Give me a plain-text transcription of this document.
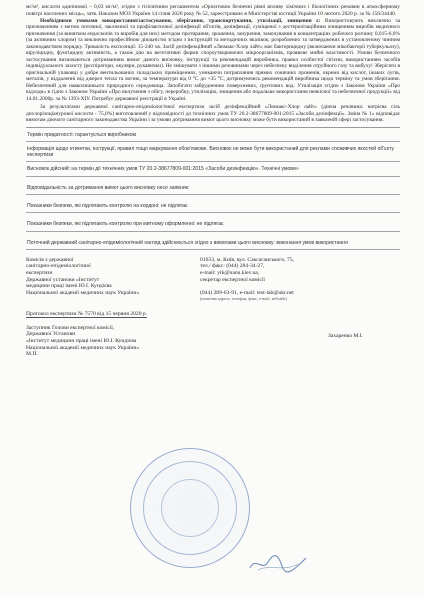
мг/м³, кислоти адипінової – 0,03 мг/м³, згідно з гігієнічним регламентом «Орієнтовно безпечні рівні впливу хімічних і біологічних речовин в атмосферному повітрі населених місць», затв. Наказом МОЗ України 14 січня 2020 року № 52, зареєстровано в Міністерстві юстиції України 10 лютого 2020 р. за № 156/34440.

Необхідними умовами використання/застосування, зберігання, транспортування, утилізації, знищення є: Використовують виключно за призначенням з метою поточної, заключної та профілактичної дезінфекції об'єктів, дезінфекції, суміщеної з дестерилізаційним очищенням виробів медичного призначення (за винятком ендоскопів та виробів для них) методом протирання, зрошення, занурення, замочування в концентраціях робочого розчину 0,015-6,0% (за активним хлором) та виключно професійною діяльністю згідно з інструкцій та методичних вказівок, розроблених та затверджених в установленому чинним законодавством порядку. Тривалість експозиції: 15-240 хв. Засіб дезінфекційний «Люмакс-Хлор лайт» має бактерицидну (включаючи мікобактерії туберкульозу), віруліцидну, фунгіцидну активність, а також дію на вегетативні форми спороутворюючих мікроорганізмів, проявляє мийні властивості. Умови безпечного застосування визначаються дотриманням вимог даного висновку, інструкції та рекомендацій виробника, правил особистої гігієни, використанням засобів індивідуального захисту (респіратори, окуляри, рукавички). Не змішувати з іншими речовинами через небезпеку виділення отруйного газу та вибуху! Зберігати в оригінальній упаковці у добре вентильованих складських приміщеннях, уникаючи потрапляння прямих сонячних променів, окремо від кислот, їжаких лугів, металів, у віддаленні від джерел тепла та вогню, за температури від 0 °С до +35 °С, дотримуючись рекомендацій виробника щодо терміну та умов зберігання. Небезпечний для навколишнього природного середовища. Запобігати забрудненню поверхневих, ґрунтових вод. Утилізація згідно з Законом України «Про відходи» в гідно з Законом України «Про вилучення з обігу, переробку, утилізацію, знищення або подальше використання неякісної та небезпечної продукції» від 14.01.2000р. за № 1393-ХІУ. Потребує державної реєстрації в Україні.

За результатами державної санітарно-епідеміологічної експертизи засіб дезінфекційний «Люмакс-Хлор лайт» (діюча речовина: натрієва сіль дихлорізоціанурової кислоти - 75,0%) виготовлений у відповідності до технічних умов ТУ 20.2-38677809-001:2015 «Засоби дезінфекції». Зміна № 1» відповідає вимогам діючого санітарного законодавства України і за умови дотримання вимог цього висновку може бути використаний в заявленій сфері застосування.

Термін придатності: гарантується виробником
Інформація щодо етикетки, інструкції, правил тощо маркування обов'язкове. Висновок не може бути використаний для реклами споживчих якостей об'єкту експертизи
Висновок дійсний: на термін дії технічних умов ТУ 20.2-38677809-001:2015 «Засоби дезінфекцію». Технічні умови»
Відповідальність за дотримання вимог цього висновку несе заявник:
Показники безпеки, які підлягають контролю на кордоні: не підлягає
Показники безпеки, які підлягають контролю при митному оформленні: не підлягає
Поточний державний санітарно-епідеміологічний нагляд здійснюється згідно з вимогами цього висновку: виконання умов використання
Комісія з державної
санітарно-епідеміологічної
експертизи
Державної установи «Інститут
медицини праці імені Ю.І. Кундієва
Національної академії медичних наук України»
01033, м. Київ, вул. Саксаганського, 75,
тел./ факс: (044) 284-34-27,
e-mail: yik@nanu.kiev.ua,
секретар експертної комісії

(044) 289-63-91, e-mail: test-lab@ukr.net
(поштова адреса, телефон, факс, e-mail, вебсайт)
Протокол експертизи № 7570 від 15 червня 2020 р.
Заступник Голови експертної комісії,
Державної Установи
«Інститут медицини праці імені Ю.І. Кундієва
Національної академії медичних наук України»
М.П.
Захаренко М.І.
